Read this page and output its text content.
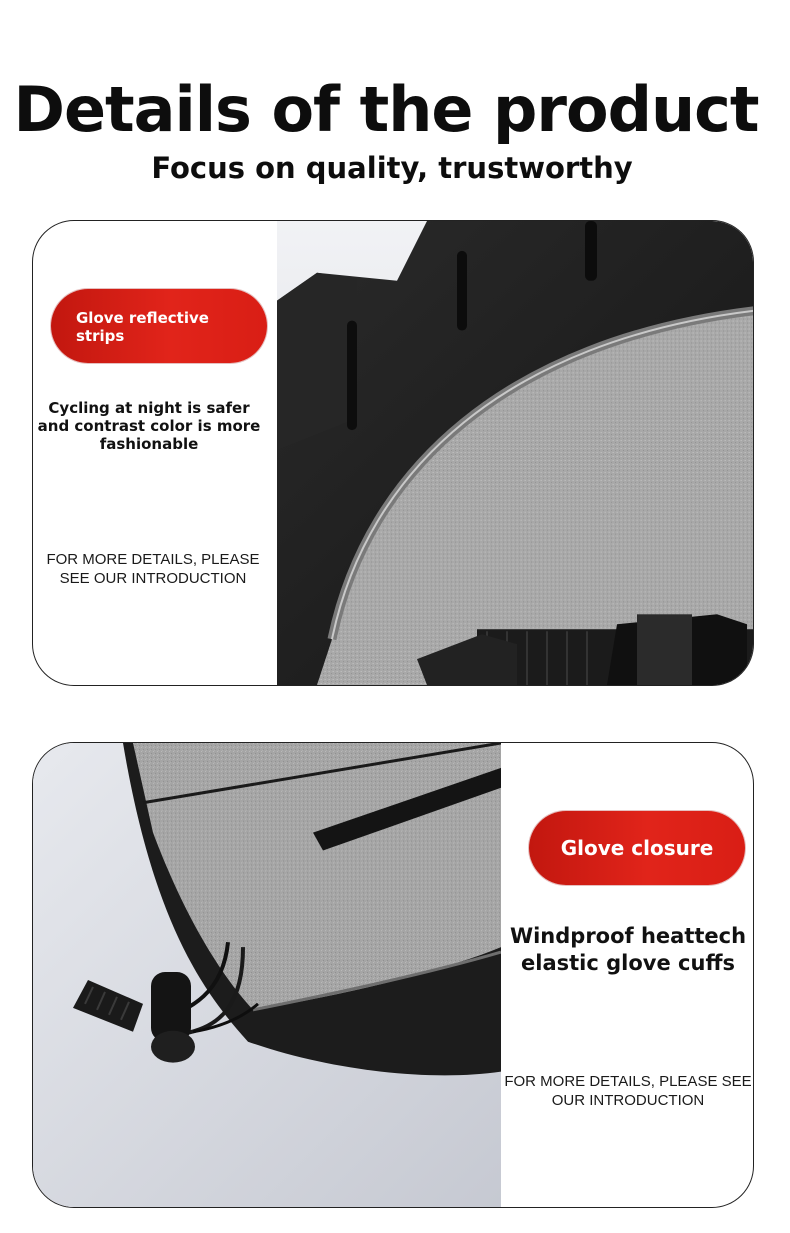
Details of the product
Focus on quality, trustworthy
Glove reflective strips
Cycling at night is safer and contrast color is more fashionable
FOR MORE DETAILS, PLEASE SEE OUR INTRODUCTION
Glove closure
Windproof heattech elastic glove cuffs
FOR MORE DETAILS, PLEASE SEE OUR INTRODUCTION
